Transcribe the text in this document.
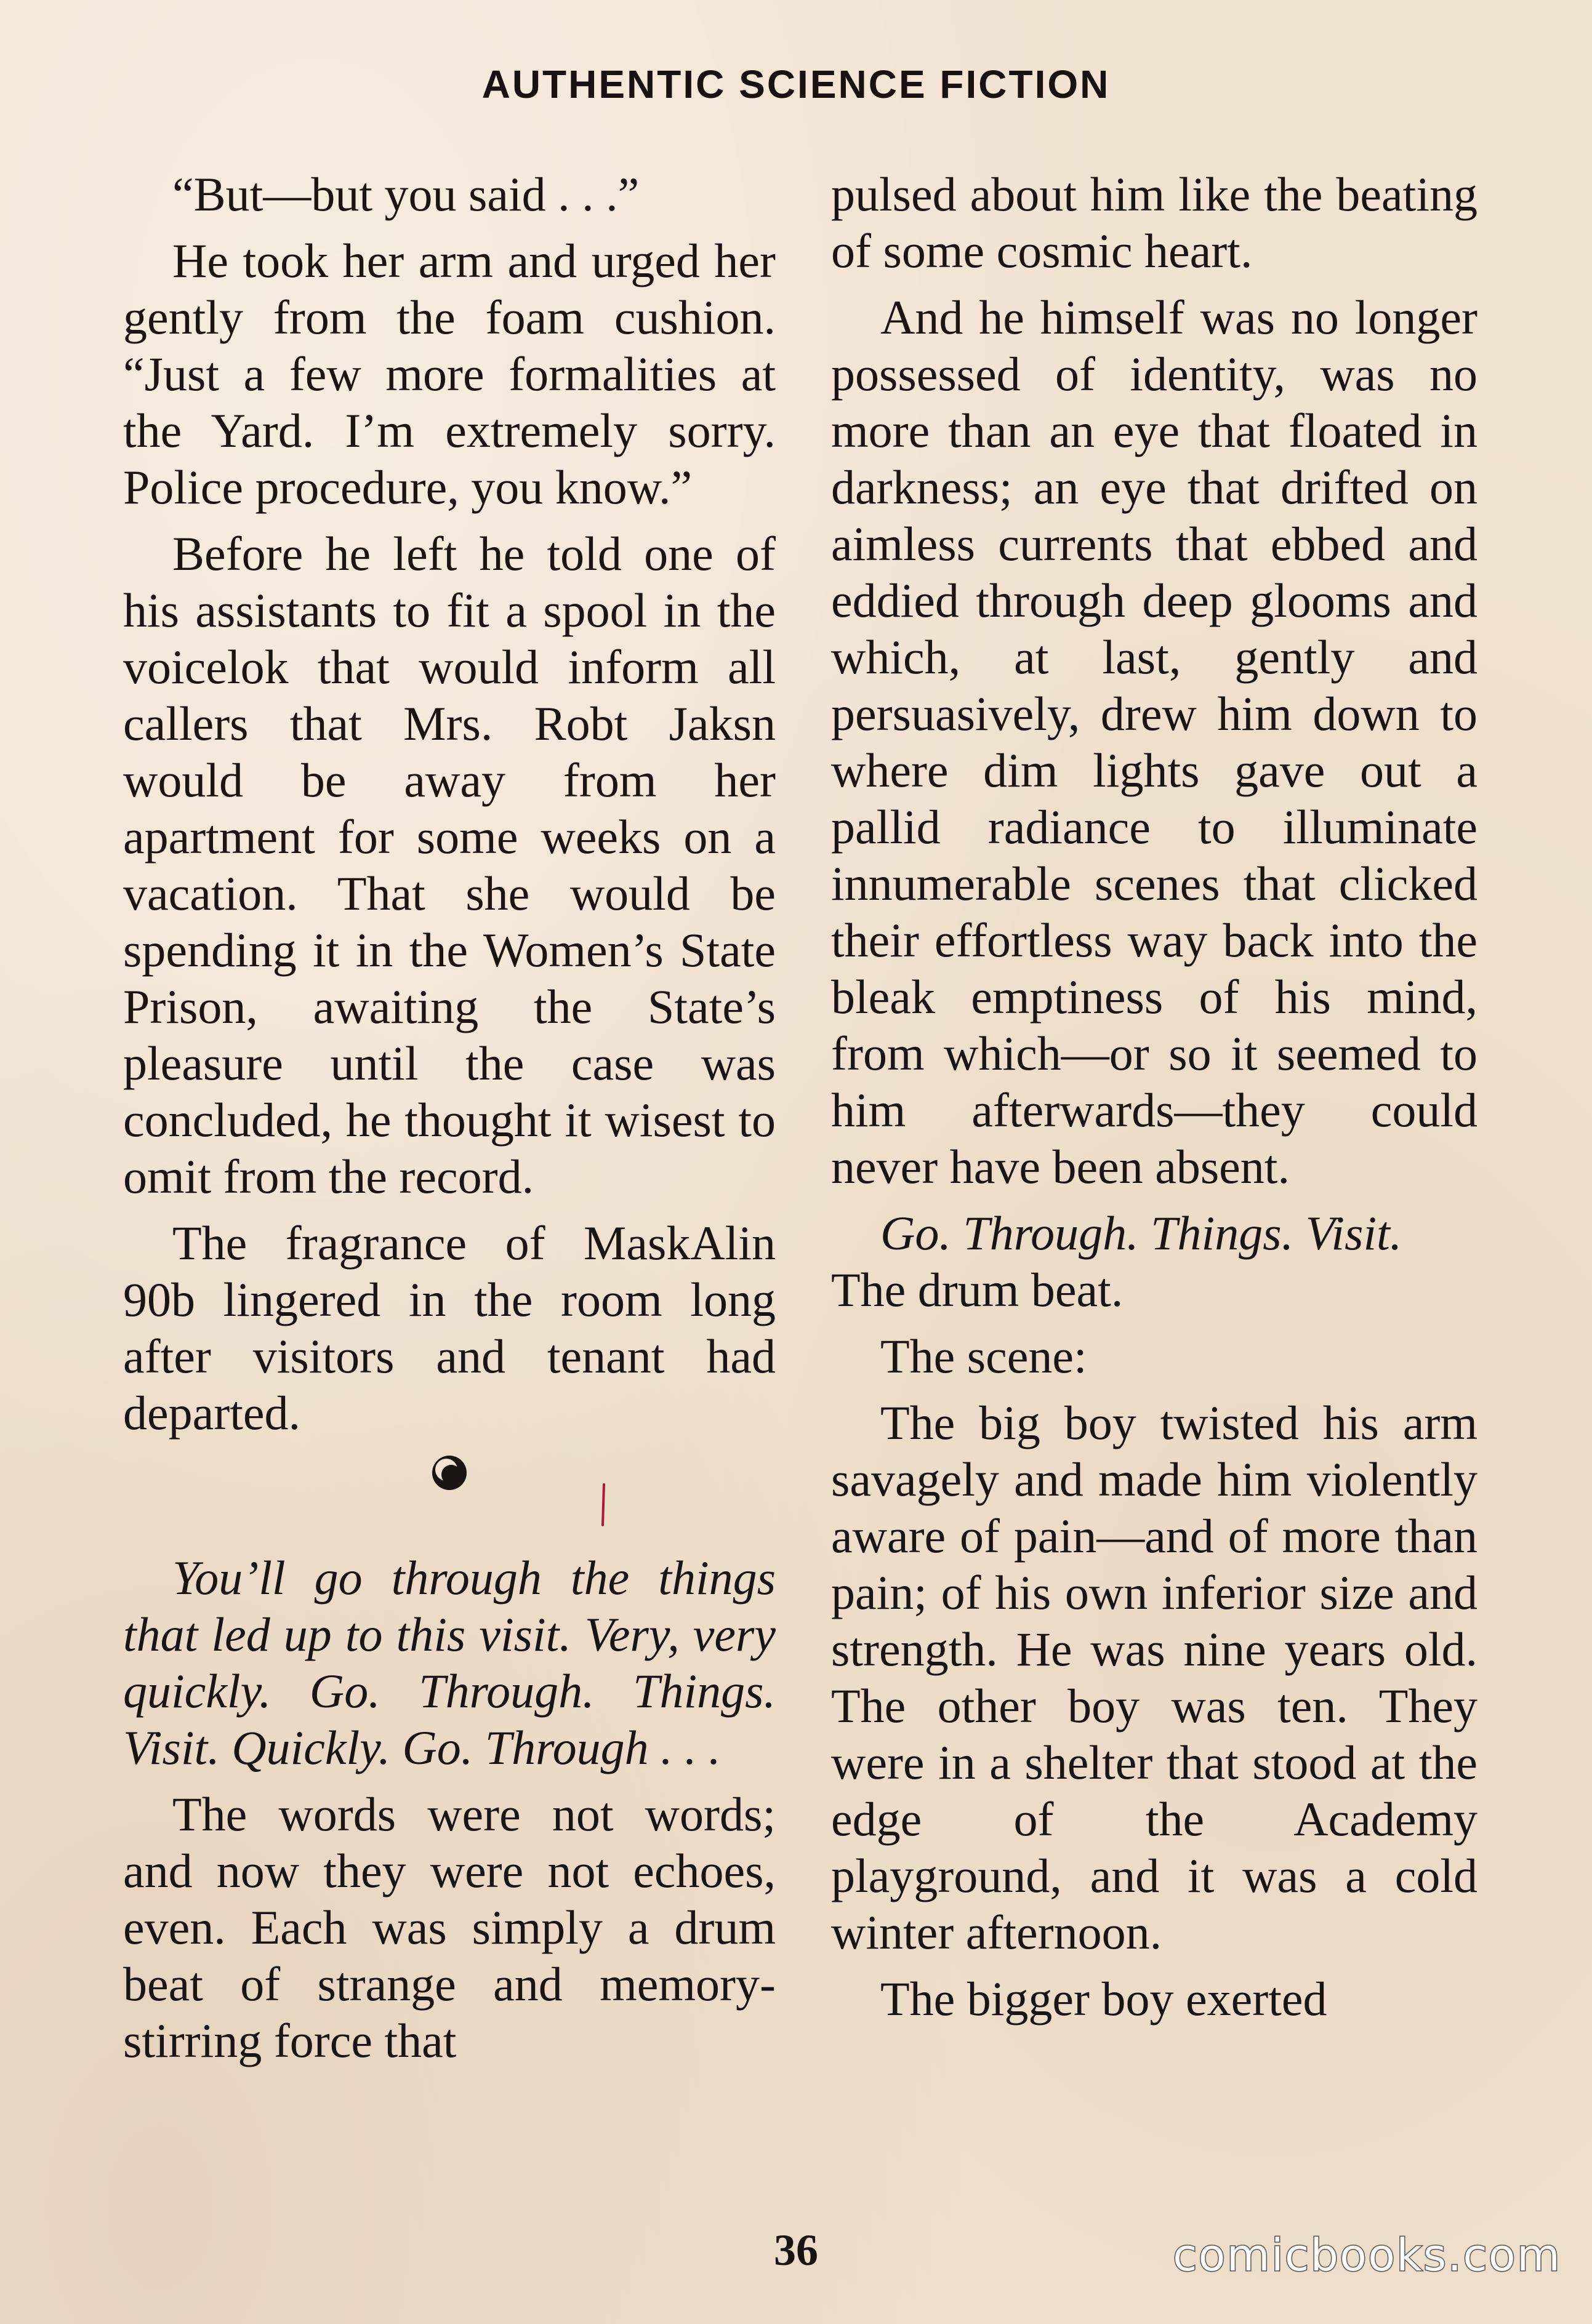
AUTHENTIC SCIENCE FICTION

“But—but you said . . .”

He took her arm and urged her gently from the foam cushion. “Just a few more formalities at the Yard. I’m extremely sorry. Police procedure, you know.”

Before he left he told one of his assistants to fit a spool in the voicelok that would inform all callers that Mrs. Robt Jaksn would be away from her apartment for some weeks on a vacation. That she would be spending it in the Women’s State Prison, awaiting the State’s pleasure until the case was concluded, he thought it wisest to omit from the record.

The fragrance of MaskAlin 90b lingered in the room long after visitors and tenant had departed.

You’ll go through the things that led up to this visit. Very, very quickly. Go. Through. Things. Visit. Quickly. Go. Through . . .

The words were not words; and now they were not echoes, even. Each was simply a drum beat of strange and memory-stirring force that

pulsed about him like the beating of some cosmic heart.

And he himself was no longer possessed of identity, was no more than an eye that floated in darkness; an eye that drifted on aimless currents that ebbed and eddied through deep glooms and which, at last, gently and persuasively, drew him down to where dim lights gave out a pallid radiance to illuminate innumerable scenes that clicked their effortless way back into the bleak emptiness of his mind, from which—or so it seemed to him afterwards—they could never have been absent.

Go. Through. Things. Visit.
The drum beat.

The scene:

The big boy twisted his arm savagely and made him violently aware of pain—and of more than pain; of his own inferior size and strength. He was nine years old. The other boy was ten. They were in a shelter that stood at the edge of the Academy playground, and it was a cold winter afternoon.

The bigger boy exerted

36	comicbooks.com
